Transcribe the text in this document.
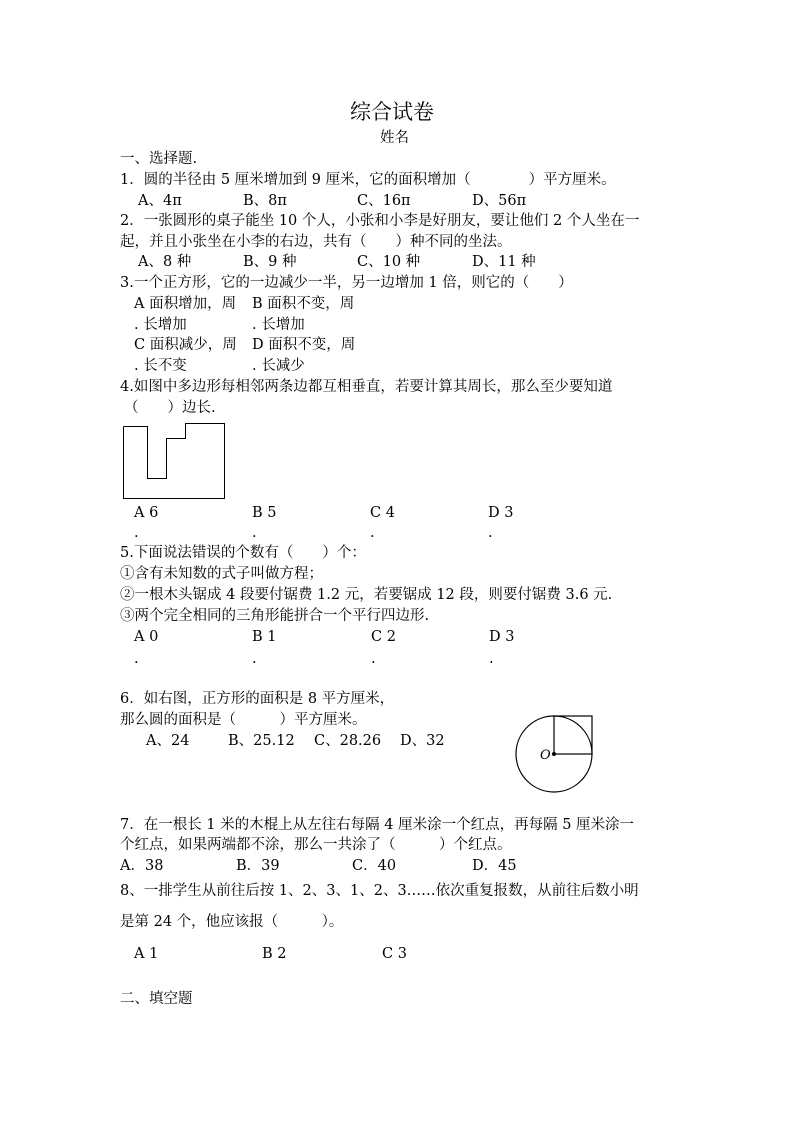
综合试卷
姓名
一、选择题.
1．圆的半径由 5 厘米增加到 9 厘米，它的面积增加（　　　　）平方厘米。
A、4π	B、8π	C、16π	D、56π
2．一张圆形的桌子能坐 10 个人，小张和小李是好朋友，要让他们 2 个人坐在一
起，并且小张坐在小李的右边，共有（　　）种不同的坐法。
A、8 种	B、9 种	C、10 种	D、11 种
3.一个正方形，它的一边减少一半，另一边增加 1 倍，则它的（　　）
A 面积增加，周 B 面积不变，周
. 长增加	. 长增加
C 面积减少，周 D 面积不变，周
. 长不变	. 长减少
4.如图中多边形每相邻两条边都互相垂直，若要计算其周长，那么至少要知道
（　　）边长.
A 6	B 5	C 4	D 3
.	.	.	.
5.下面说法错误的个数有（　　）个：
①含有未知数的式子叫做方程；
②一根木头锯成 4 段要付锯费 1.2 元，若要锯成 12 段，则要付锯费 3.6 元.
③两个完全相同的三角形能拼合一个平行四边形.
A 0	B 1	C 2	D 3
.	.	.	.
6．如右图，正方形的面积是 8 平方厘米，
那么圆的面积是（　　　）平方厘米。
A、24	B、25.12 C、28.26 D、32
O
7．在一根长 1 米的木棍上从左往右每隔 4 厘米涂一个红点，再每隔 5 厘米涂一
个红点，如果两端都不涂，那么一共涂了（　　　）个红点。
A．38	B．39	C．40	D．45
8、一排学生从前往后按 1、2、3、1、2、3……依次重复报数，从前往后数小明
是第 24 个，他应该报（　　　）。
A 1	B 2	C 3
二、填空题
